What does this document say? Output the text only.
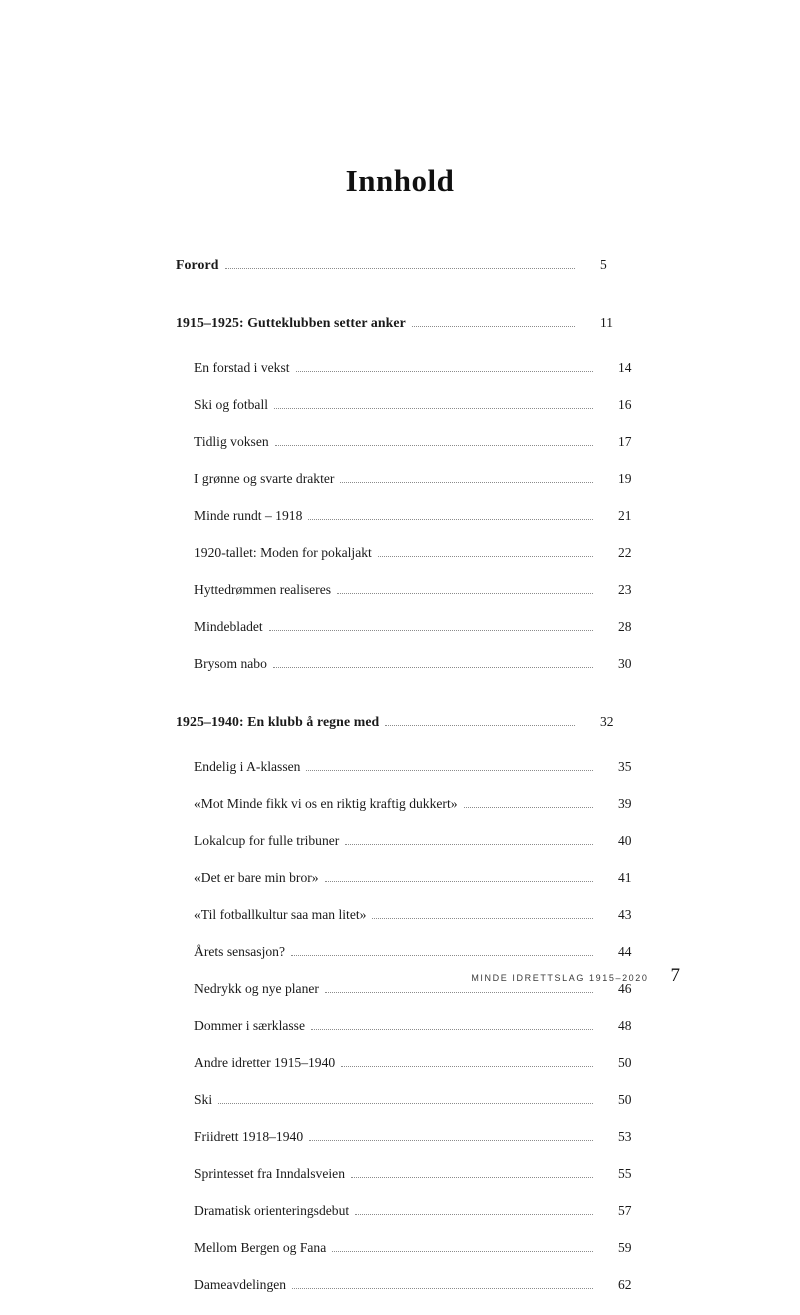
Innhold
Forord	5
1915–1925: Gutteklubben setter anker	11
En forstad i vekst	14
Ski og fotball	16
Tidlig voksen	17
I grønne og svarte drakter	19
Minde rundt – 1918	21
1920-tallet: Moden for pokaljakt	22
Hyttedrømmen realiseres	23
Mindebladet	28
Brysom nabo	30
1925–1940: En klubb å regne med	32
Endelig i A-klassen	35
«Mot Minde fikk vi os en riktig kraftig dukkert»	39
Lokalcup for fulle tribuner	40
«Det er bare min bror»	41
«Til fotballkultur saa man litet»	43
Årets sensasjon?	44
Nedrykk og nye planer	46
Dommer i særklasse	48
Andre idretter 1915–1940	50
Ski	50
Friidrett 1918–1940	53
Sprintesset fra Inndalsveien	55
Dramatisk orienteringsdebut	57
Mellom Bergen og Fana	59
Dameavdelingen	62
MINDE IDRETTSLAG 1915–2020 7
